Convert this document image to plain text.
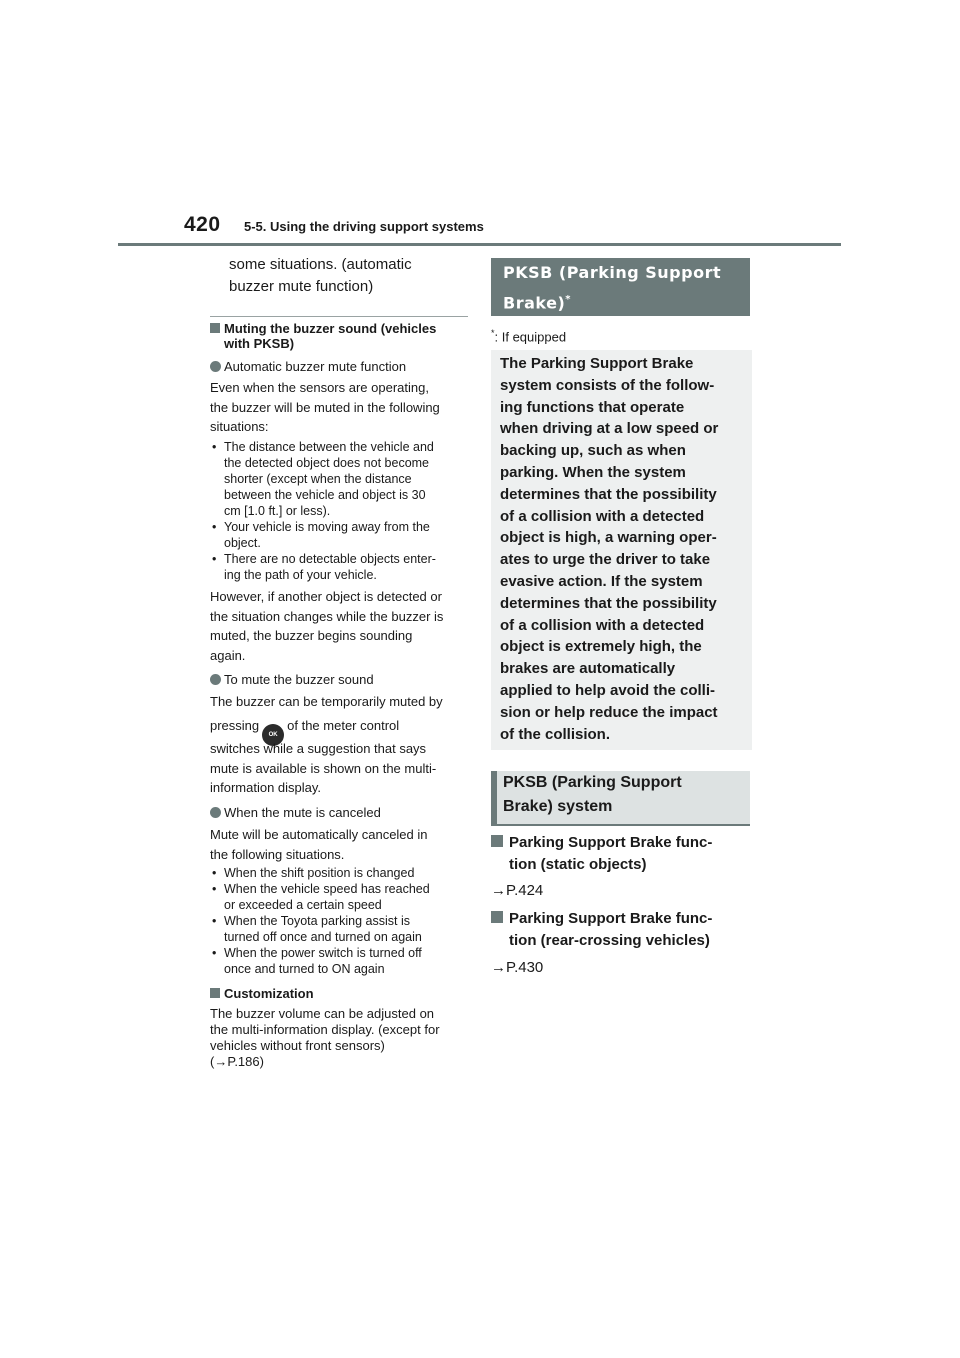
420 5-5. Using the driving support systems
some situations. (automatic
buzzer mute function)
Muting the buzzer sound (vehicles
with PKSB)
Automatic buzzer mute function
Even when the sensors are operating,
the buzzer will be muted in the following
situations:
• The distance between the vehicle and
the detected object does not become
shorter (except when the distance
between the vehicle and object is 30
cm [1.0 ft.] or less).
• Your vehicle is moving away from the
object.
• There are no detectable objects enter-
ing the path of your vehicle.
However, if another object is detected or
the situation changes while the buzzer is
muted, the buzzer begins sounding
again.
To mute the buzzer sound
The buzzer can be temporarily muted by
pressingOKof the meter control
switches while a suggestion that says
mute is available is shown on the multi-
information display.
When the mute is canceled
Mute will be automatically canceled in
the following situations.
• When the shift position is changed
• When the vehicle speed has reached
or exceeded a certain speed
• When the Toyota parking assist is
turned off once and turned on again
• When the power switch is turned off
once and turned to ON again
Customization
The buzzer volume can be adjusted on
the multi-information display. (except for
vehicles without front sensors)
(→P.186)
PKSB (Parking Support
Brake)*
*: If equipped
The Parking Support Brake
system consists of the follow-
ing functions that operate
when driving at a low speed or
backing up, such as when
parking. When the system
determines that the possibility
of a collision with a detected
object is high, a warning oper-
ates to urge the driver to take
evasive action. If the system
determines that the possibility
of a collision with a detected
object is extremely high, the
brakes are automatically
applied to help avoid the colli-
sion or help reduce the impact
of the collision.
PKSB (Parking Support
Brake) system
Parking Support Brake func-
tion (static objects)
→P.424
Parking Support Brake func-
tion (rear-crossing vehicles)
→P.430
